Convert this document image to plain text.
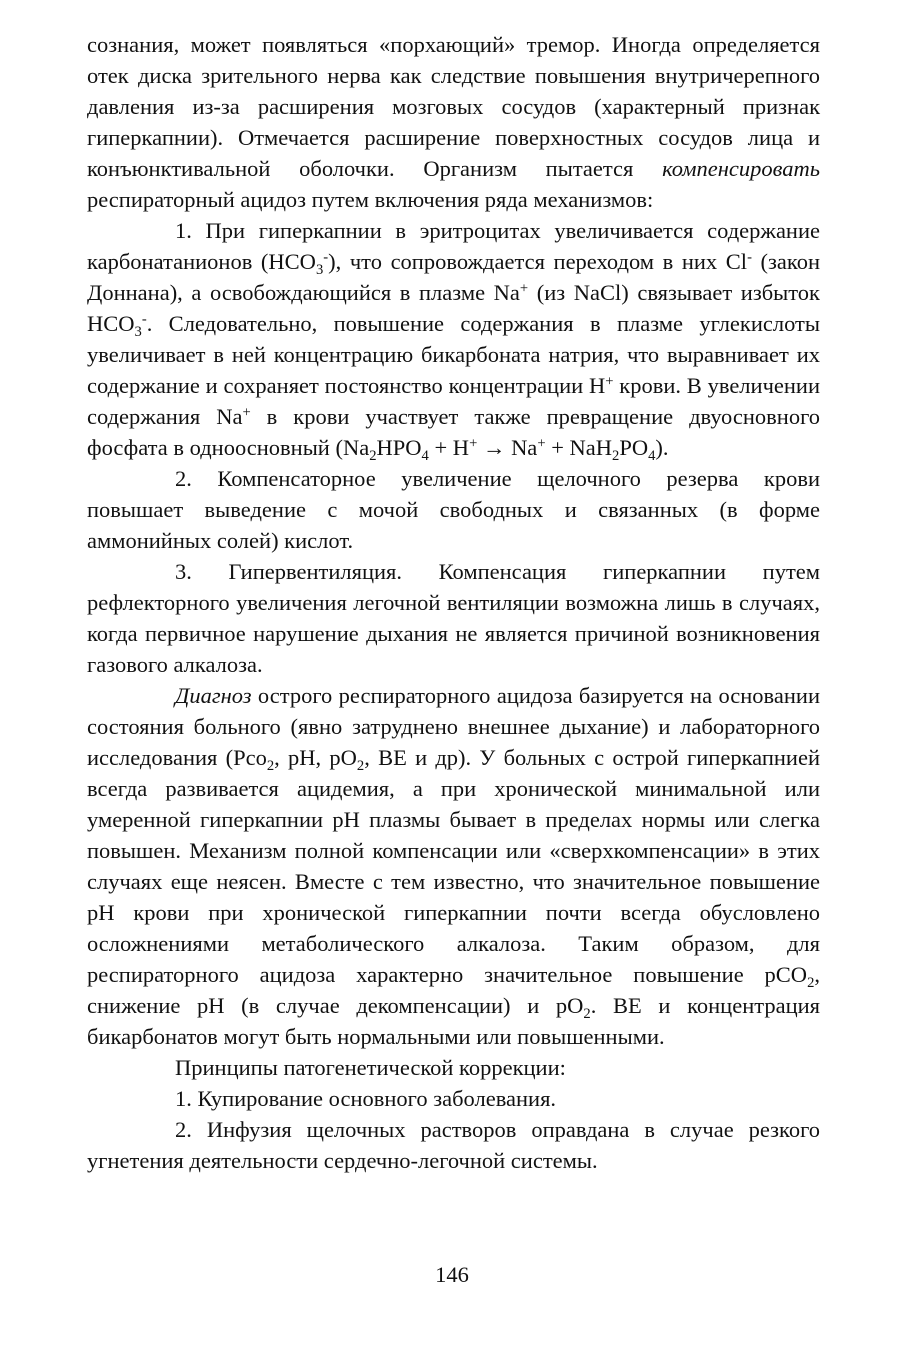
сознания, может появляться «порхающий» тремор. Иногда определяется отек диска зрительного нерва как следствие повышения внутричерепного давления из-за расширения мозговых сосудов (характерный признак гиперкапнии). Отмечается расширение поверхностных сосудов лица и конъюнктивальной оболочки. Организм пытается компенсировать респираторный ацидоз путем включения ряда механизмов:

1. При гиперкапнии в эритроцитах увеличивается содержание карбонатанионов $(HCO_3^-)$, что сопровождается переходом в них Cl- (закон Доннана), а освобождающийся в плазме Na+ (из NaCl) связывает избыток $HCO_3^-$. Следовательно, повышение содержания в плазме углекислоты увеличивает в ней концентрацию бикарбоната натрия, что выравнивает их содержание и сохраняет постоянство концентрации H+ крови. В увеличении содержания Na+ в крови участвует также превращение двуосновного фосфата в одноосновный $(Na_2HPO_4 + H^+ \to Na^+ + NaH_2PO_4)$.

2. Компенсаторное увеличение щелочного резерва крови повышает выведение с мочой свободных и связанных (в форме аммонийных солей) кислот.

3. Гипервентиляция. Компенсация гиперкапнии путем рефлекторного увеличения легочной вентиляции возможна лишь в случаях, когда первичное нарушение дыхания не является причиной возникновения газового алкалоза.

Диагноз острого респираторного ацидоза базируется на основании состояния больного (явно затруднено внешнее дыхание) и лабораторного исследования (Pco$_2$, pH, $pO_2$, BE и др). У больных с острой гиперкапнией всегда развивается ацидемия, а при хронической минимальной или умеренной гиперкапнии pH плазмы бывает в пределах нормы или слегка повышен. Механизм полной компенсации или «сверхкомпенсации» в этих случаях еще неясен. Вместе с тем известно, что значительное повышение pH крови при хронической гиперкапнии почти всегда обусловлено осложнениями метаболического алкалоза. Таким образом, для респираторного ацидоза характерно значительное повышение pCO$_2$, снижение pH (в случае декомпенсации) и $pO_2$. BE и концентрация бикарбонатов могут быть нормальными или повышенными.

Принципы патогенетической коррекции:

1. Купирование основного заболевания.

2. Инфузия щелочных растворов оправдана в случае резкого угнетения деятельности сердечно-легочной системы.

146
